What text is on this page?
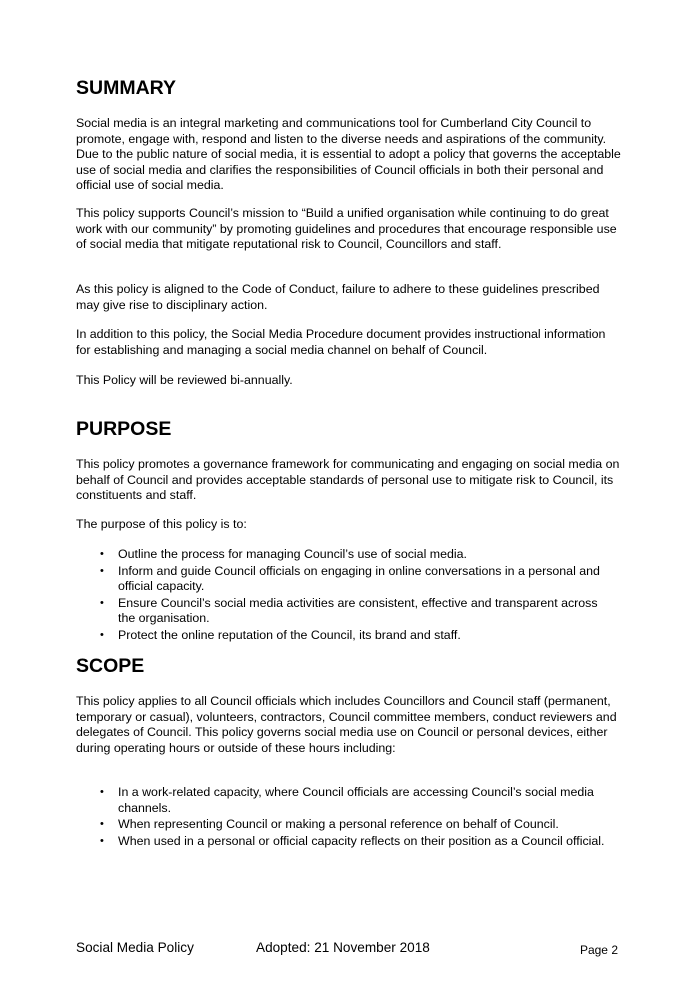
SUMMARY

Social media is an integral marketing and communications tool for Cumberland City Council to promote, engage with, respond and listen to the diverse needs and aspirations of the community. Due to the public nature of social media, it is essential to adopt a policy that governs the acceptable use of social media and clarifies the responsibilities of Council officials in both their personal and official use of social media.

This policy supports Council’s mission to “Build a unified organisation while continuing to do great work with our community” by promoting guidelines and procedures that encourage responsible use of social media that mitigate reputational risk to Council, Councillors and staff.

As this policy is aligned to the Code of Conduct, failure to adhere to these guidelines prescribed may give rise to disciplinary action.

In addition to this policy, the Social Media Procedure document provides instructional information for establishing and managing a social media channel on behalf of Council.

This Policy will be reviewed bi-annually.

PURPOSE

This policy promotes a governance framework for communicating and engaging on social media on behalf of Council and provides acceptable standards of personal use to mitigate risk to Council, its constituents and staff.

The purpose of this policy is to:

• Outline the process for managing Council’s use of social media.
• Inform and guide Council officials on engaging in online conversations in a personal and official capacity.
• Ensure Council’s social media activities are consistent, effective and transparent across the organisation.
• Protect the online reputation of the Council, its brand and staff.
SCOPE

This policy applies to all Council officials which includes Councillors and Council staff (permanent, temporary or casual), volunteers, contractors, Council committee members, conduct reviewers and delegates of Council. This policy governs social media use on Council or personal devices, either during operating hours or outside of these hours including:

• In a work-related capacity, where Council officials are accessing Council’s social media channels.
• When representing Council or making a personal reference on behalf of Council.
• When used in a personal or official capacity reflects on their position as a Council official.
Social Media Policy	Adopted: 21 November 2018	Page 2
